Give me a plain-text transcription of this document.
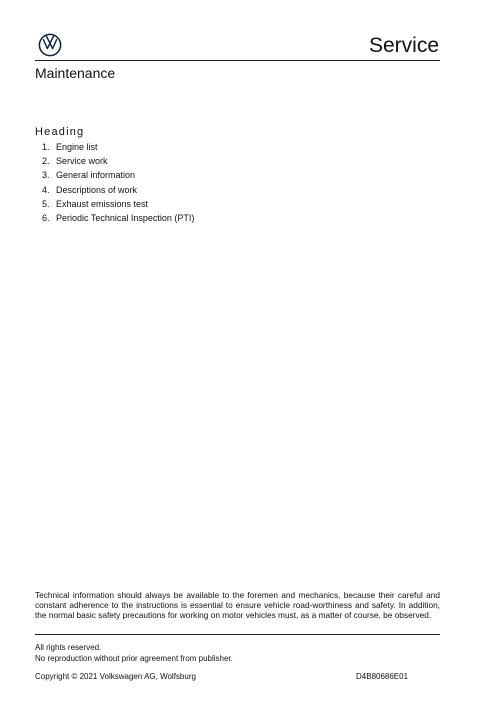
Service
Maintenance
Heading
1. Engine list
2. Service work
3. General information
4. Descriptions of work
5. Exhaust emissions test
6. Periodic Technical Inspection (PTI)
Technical information should always be available to the foremen and mechanics, because their careful and constant adherence to the instructions is essential to ensure vehicle road-worthiness and safety. In addition, the normal basic safety precautions for working on motor vehicles must, as a matter of course, be observed.
All rights reserved.
No reproduction without prior agreement from publisher.
Copyright © 2021 Volkswagen AG, Wolfsburg	D4B80686E01
